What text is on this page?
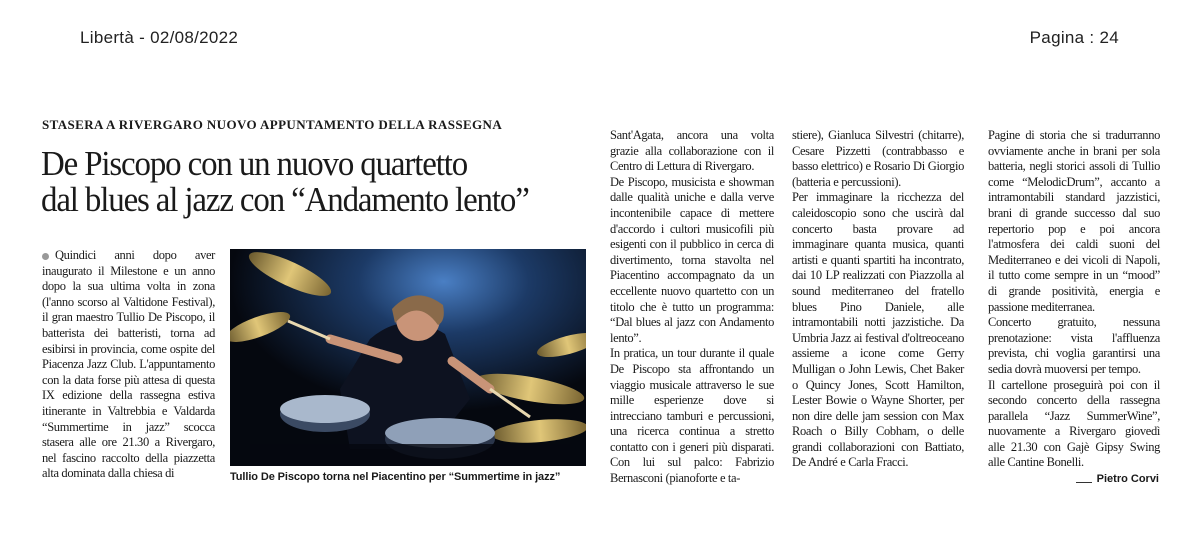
Libertà - 02/08/2022	Pagina : 24
STASERA A RIVERGARO NUOVO APPUNTAMENTO DELLA RASSEGNA
De Piscopo con un nuovo quartetto
dal blues al jazz con “Andamento lento”
Quindici anni dopo aver inaugurato il Milestone e un anno dopo la sua ultima volta in zona (l'anno scorso al Valtidone Festival), il gran maestro Tullio De Piscopo, il batterista dei batteristi, torna ad esibirsi in provincia, come ospite del Piacenza Jazz Club. L'appuntamento con la data forse più attesa di questa IX edizione della rassegna estiva itinerante in Valtrebbia e Valdarda “Summertime in jazz” scocca stasera alle ore 21.30 a Rivergaro, nel fascino raccolto della piazzetta alta dominata dalla chiesa di	Tullio De Piscopo torna nel Piacentino per “Summertime in jazz”
Sant'Agata, ancora una volta grazie alla collaborazione con il Centro di Lettura di Rivergaro.
De Piscopo, musicista e showman dalle qualità uniche e dalla verve incontenibile capace di mettere d'accordo i cultori musicofili più esigenti con il pubblico in cerca di divertimento, torna stavolta nel Piacentino accompagnato da un eccellente nuovo quartetto con un titolo che è tutto un programma: “Dal blues al jazz con Andamento lento”.
In pratica, un tour durante il quale De Piscopo sta affrontando un viaggio musicale attraverso le sue mille esperienze dove si intrecciano tamburi e percussioni, una ricerca continua a stretto contatto con i generi più disparati. Con lui sul palco: Fabrizio Bernasconi (pianoforte e ta-
stiere), Gianluca Silvestri (chitarre), Cesare Pizzetti (contrabbasso e basso elettrico) e Rosario Di Giorgio (batteria e percussioni).
Per immaginare la ricchezza del caleidoscopio sono che uscirà dal concerto basta provare ad immaginare quanta musica, quanti artisti e quanti spartiti ha incontrato, dai 10 LP realizzati con Piazzolla al sound mediterraneo del fratello blues Pino Daniele, alle intramontabili notti jazzistiche. Da Umbria Jazz ai festival d'oltreoceano assieme a icone come Gerry Mulligan o John Lewis, Chet Baker o Quincy Jones, Scott Hamilton, Lester Bowie o Wayne Shorter, per non dire delle jam session con Max Roach o Billy Cobham, o delle grandi collaborazioni con Battiato, De André e Carla Fracci.
Pagine di storia che si tradurranno ovviamente anche in brani per sola batteria, negli storici assoli di Tullio come “MelodicDrum”, accanto a intramontabili standard jazzistici, brani di grande successo dal suo repertorio pop e poi ancora l'atmosfera dei caldi suoni del Mediterraneo e dei vicoli di Napoli, il tutto come sempre in un “mood” di grande positività, energia e passione mediterranea.
Concerto gratuito, nessuna prenotazione: vista l'affluenza prevista, chi voglia garantirsi una sedia dovrà muoversi per tempo.
Il cartellone proseguirà poi con il secondo concerto della rassegna parallela “Jazz SummerWine”, nuovamente a Rivergaro giovedì alle 21.30 con Gajè Gipsy Swing alle Cantine Bonelli.
Pietro Corvi
